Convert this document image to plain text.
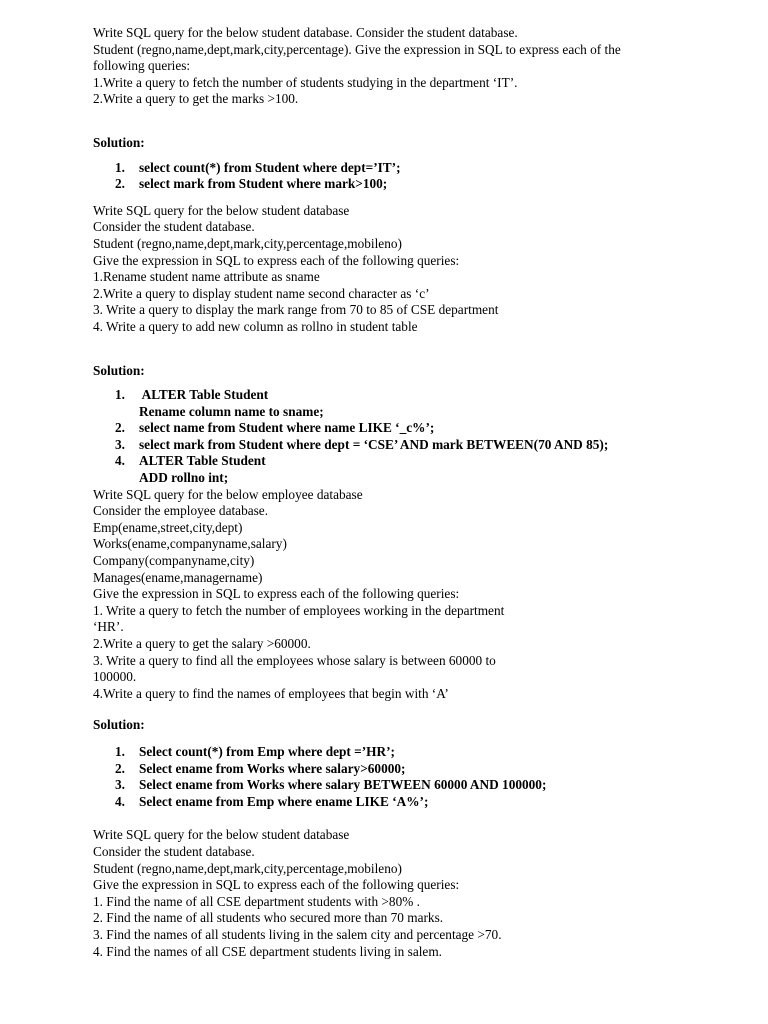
Write SQL query for the below student database. Consider the student database.
Student (regno,name,dept,mark,city,percentage). Give the expression in SQL to express each of the
following queries:
1.Write a query to fetch the number of students studying in the department ‘IT’.
2.Write a query to get the marks >100.
Solution:
1. select count(*) from Student where dept=’IT’;
2. select mark from Student where mark>100;
Write SQL query for the below student database
Consider the student database.
Student (regno,name,dept,mark,city,percentage,mobileno)
Give the expression in SQL to express each of the following queries:
1.Rename student name attribute as sname
2.Write a query to display student name second character as ‘c’
3. Write a query to display the mark range from 70 to 85 of CSE department
4. Write a query to add new column as rollno in student table
Solution:
1. ALTER Table Student
Rename column name to sname;
2. select name from Student where name LIKE ‘_c%’;
3. select mark from Student where dept = ‘CSE’ AND mark BETWEEN(70 AND 85);
4. ALTER Table Student
ADD rollno int;
Write SQL query for the below employee database
Consider the employee database.
Emp(ename,street,city,dept)
Works(ename,companyname,salary)
Company(companyname,city)
Manages(ename,managername)
Give the expression in SQL to express each of the following queries:
1. Write a query to fetch the number of employees working in the department
‘HR’.
2.Write a query to get the salary >60000.
3. Write a query to find all the employees whose salary is between 60000 to
100000.
4.Write a query to find the names of employees that begin with ‘A’
Solution:
1. Select count(*) from Emp where dept =’HR’;
2. Select ename from Works where salary>60000;
3. Select ename from Works where salary BETWEEN 60000 AND 100000;
4. Select ename from Emp where ename LIKE ‘A%’;
Write SQL query for the below student database
Consider the student database.
Student (regno,name,dept,mark,city,percentage,mobileno)
Give the expression in SQL to express each of the following queries:
1. Find the name of all CSE department students with >80% .
2. Find the name of all students who secured more than 70 marks.
3. Find the names of all students living in the salem city and percentage >70.
4. Find the names of all CSE department students living in salem.
